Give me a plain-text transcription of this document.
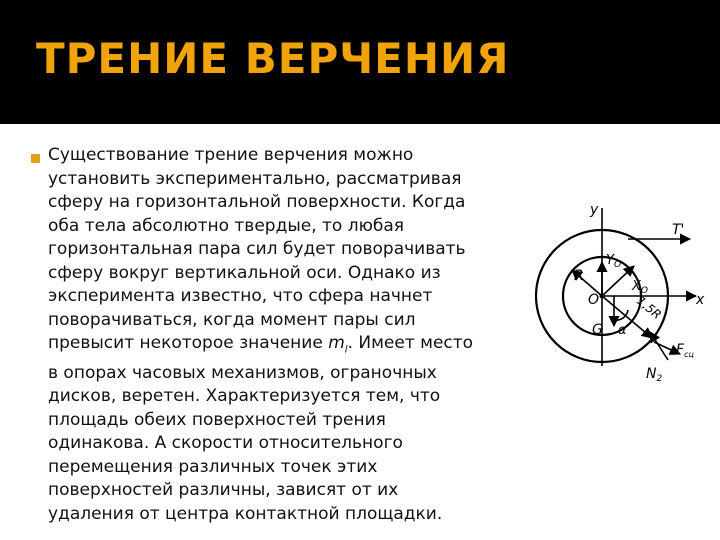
ТРЕНИЕ ВЕРЧЕНИЯ
Существование трение верчения можно
установить экспериментально, рассматривая
сферу на горизонтальной поверхности. Когда
оба тела абсолютно твердые, то любая
горизонтальная пара сил будет поворачивать
сферу вокруг вертикальной оси. Однако из
эксперимента известно, что сфера начнет
поворачиваться, когда момент пары сил
превысит некоторое значение $m_l$. Имеет место
в опорах часовых механизмов, ограночных
дисков, веретен. Характеризуется тем, что
площадь обеих поверхностей трения
одинакова. А скорости относительного
перемещения различных точек этих
поверхностей различны, зависят от их
удаления от центра контактной площадки.
y
T'
$Y_O$
$X_O$
R
O	x
G α
1,5R
$F_{сц}$
$N_2$
